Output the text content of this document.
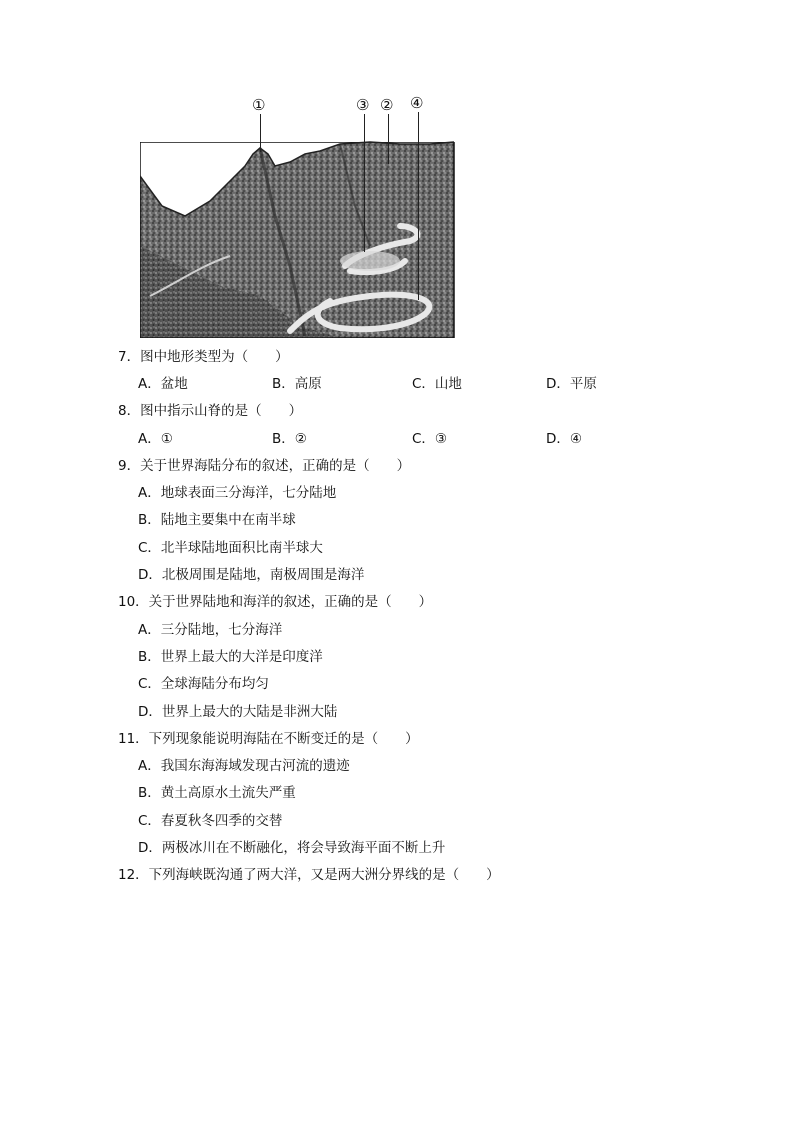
①	③ ② ④
7．图中地形类型为（　　）
A．盆地	B．高原	C．山地	D．平原
8．图中指示山脊的是（　　）
A．①	B．②	C．③	D．④
9．关于世界海陆分布的叙述，正确的是（　　）
A．地球表面三分海洋，七分陆地
B．陆地主要集中在南半球
C．北半球陆地面积比南半球大
D．北极周围是陆地，南极周围是海洋
10．关于世界陆地和海洋的叙述，正确的是（　　）
A．三分陆地，七分海洋
B．世界上最大的大洋是印度洋
C．全球海陆分布均匀
D．世界上最大的大陆是非洲大陆
11．下列现象能说明海陆在不断变迁的是（　　）
A．我国东海海域发现古河流的遗迹
B．黄土高原水土流失严重
C．春夏秋冬四季的交替
D．两极冰川在不断融化，将会导致海平面不断上升
12．下列海峡既沟通了两大洋，又是两大洲分界线的是（　　）
